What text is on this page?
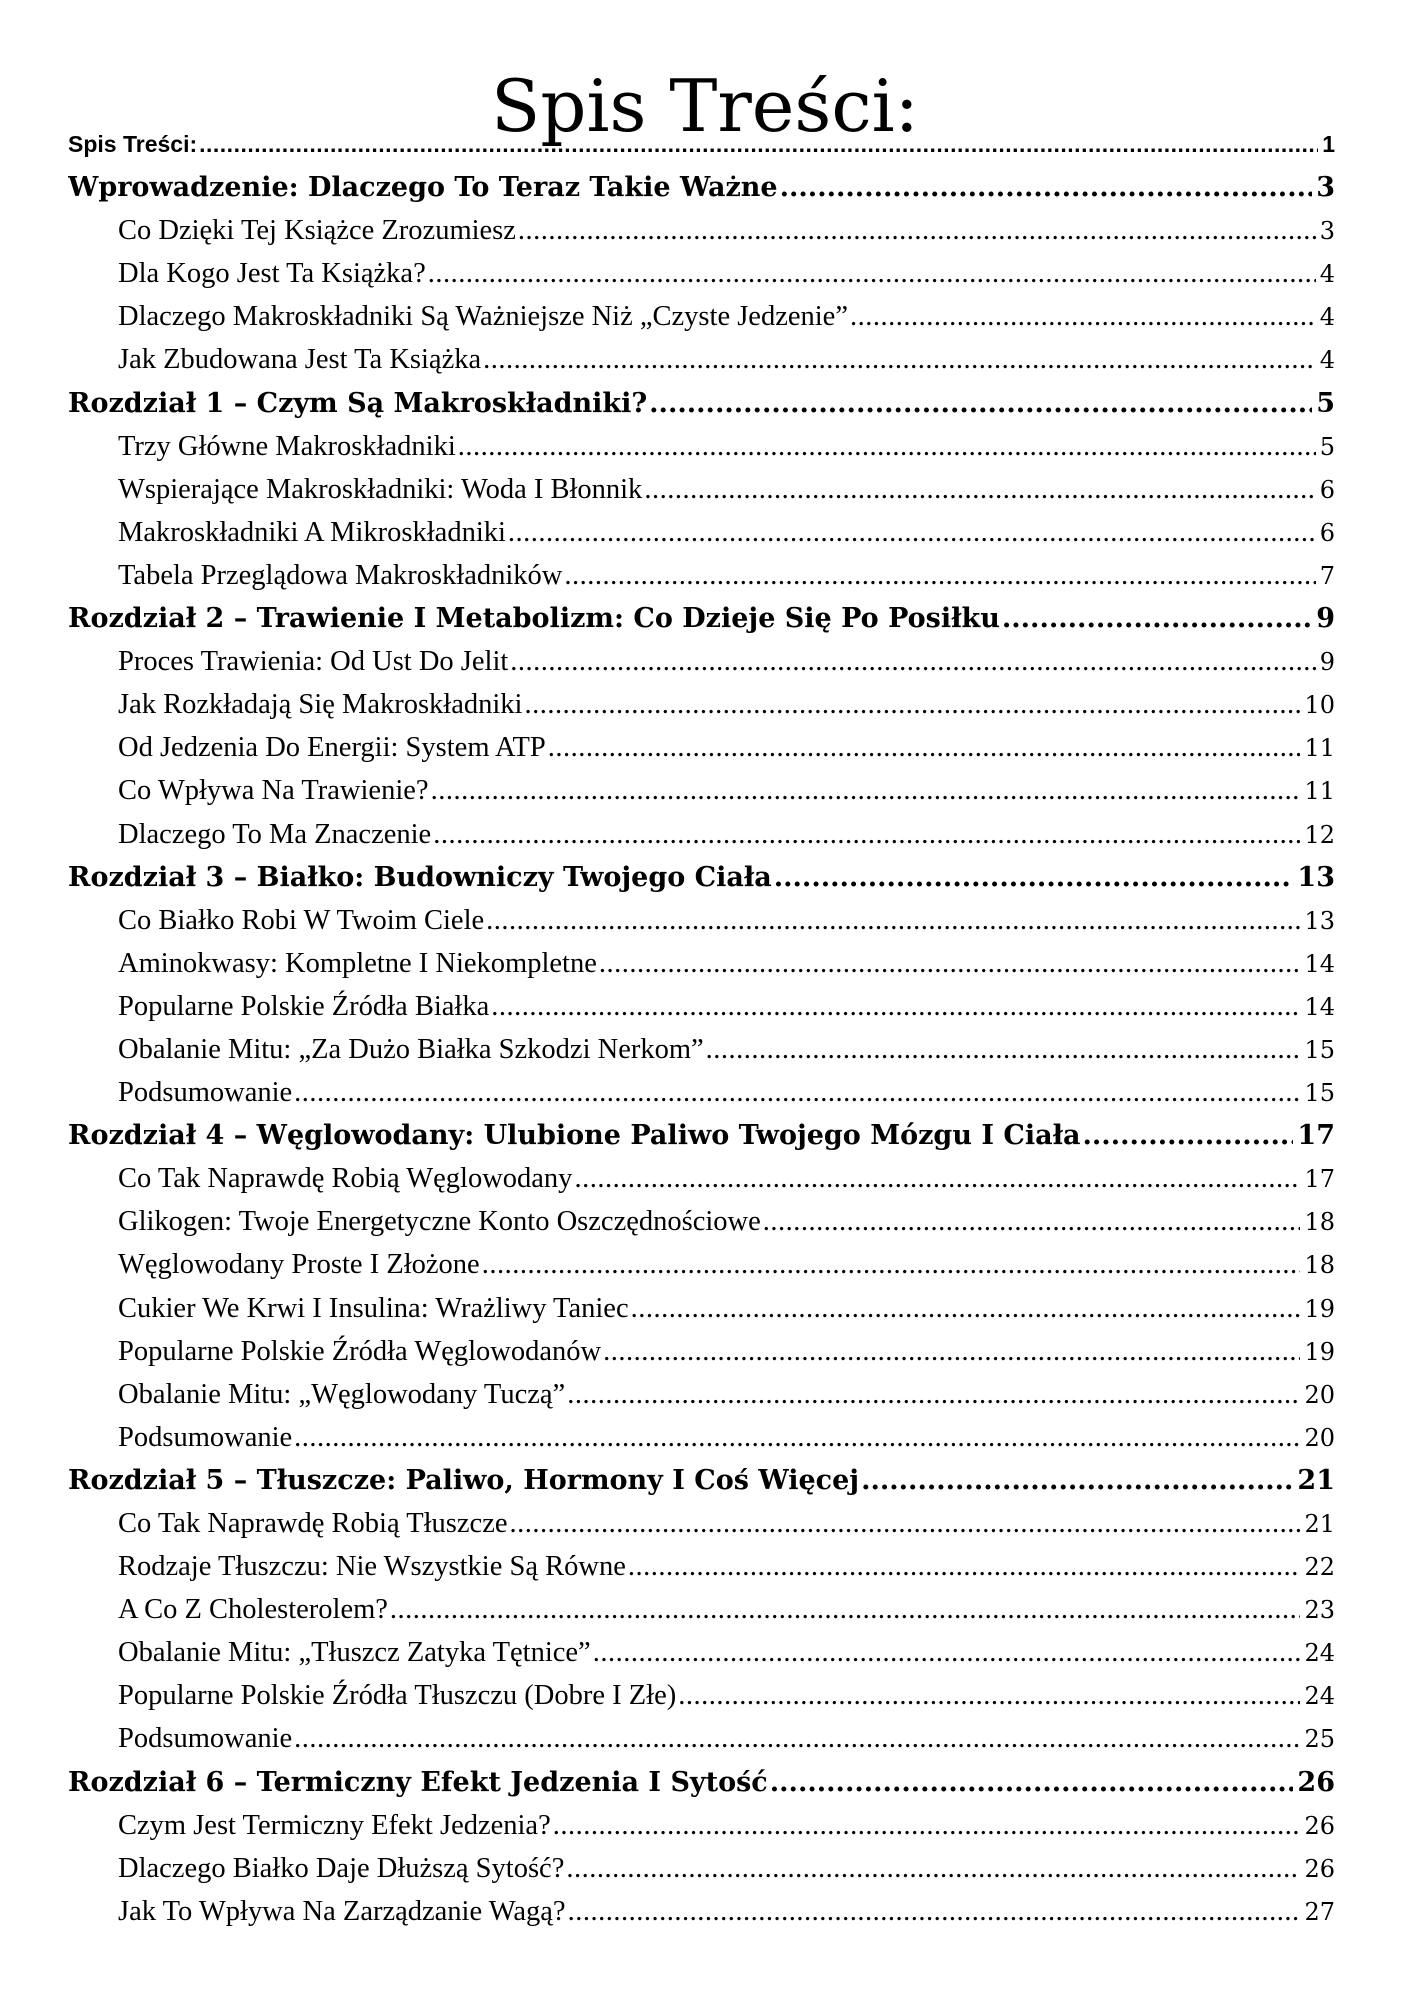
Spis Treści:
Spis Treści: .....	1
Wprowadzenie: Dlaczego To Teraz Takie Ważne .....	3
Co Dzięki Tej Książce Zrozumiesz .....	3
Dla Kogo Jest Ta Książka? .....	4
Dlaczego Makroskładniki Są Ważniejsze Niż „Czyste Jedzenie” .....	4
Jak Zbudowana Jest Ta Książka .....	4
Rozdział 1 – Czym Są Makroskładniki? .....	5
Trzy Główne Makroskładniki .....	5
Wspierające Makroskładniki: Woda I Błonnik .....	6
Makroskładniki A Mikroskładniki .....	6
Tabela Przeglądowa Makroskładników .....	7
Rozdział 2 – Trawienie I Metabolizm: Co Dzieje Się Po Posiłku .....	9
Proces Trawienia: Od Ust Do Jelit .....	9
Jak Rozkładają Się Makroskładniki .....	10
Od Jedzenia Do Energii: System ATP .....	11
Co Wpływa Na Trawienie? .....	11
Dlaczego To Ma Znaczenie .....	12
Rozdział 3 – Białko: Budowniczy Twojego Ciała .....	13
Co Białko Robi W Twoim Ciele .....	13
Aminokwasy: Kompletne I Niekompletne .....	14
Popularne Polskie Źródła Białka .....	14
Obalanie Mitu: „Za Dużo Białka Szkodzi Nerkom” .....	15
Podsumowanie .....	15
Rozdział 4 – Węglowodany: Ulubione Paliwo Twojego Mózgu I Ciała .....	17
Co Tak Naprawdę Robią Węglowodany .....	17
Glikogen: Twoje Energetyczne Konto Oszczędnościowe .....	18
Węglowodany Proste I Złożone .....	18
Cukier We Krwi I Insulina: Wrażliwy Taniec .....	19
Popularne Polskie Źródła Węglowodanów .....	19
Obalanie Mitu: „Węglowodany Tuczą” .....	20
Podsumowanie .....	20
Rozdział 5 – Tłuszcze: Paliwo, Hormony I Coś Więcej .....	21
Co Tak Naprawdę Robią Tłuszcze .....	21
Rodzaje Tłuszczu: Nie Wszystkie Są Równe .....	22
A Co Z Cholesterolem? .....	23
Obalanie Mitu: „Tłuszcz Zatyka Tętnice” .....	24
Popularne Polskie Źródła Tłuszczu (Dobre I Złe) .....	24
Podsumowanie .....	25
Rozdział 6 – Termiczny Efekt Jedzenia I Sytość .....	26
Czym Jest Termiczny Efekt Jedzenia? .....	26
Dlaczego Białko Daje Dłuższą Sytość? .....	26
Jak To Wpływa Na Zarządzanie Wagą? .....	27
